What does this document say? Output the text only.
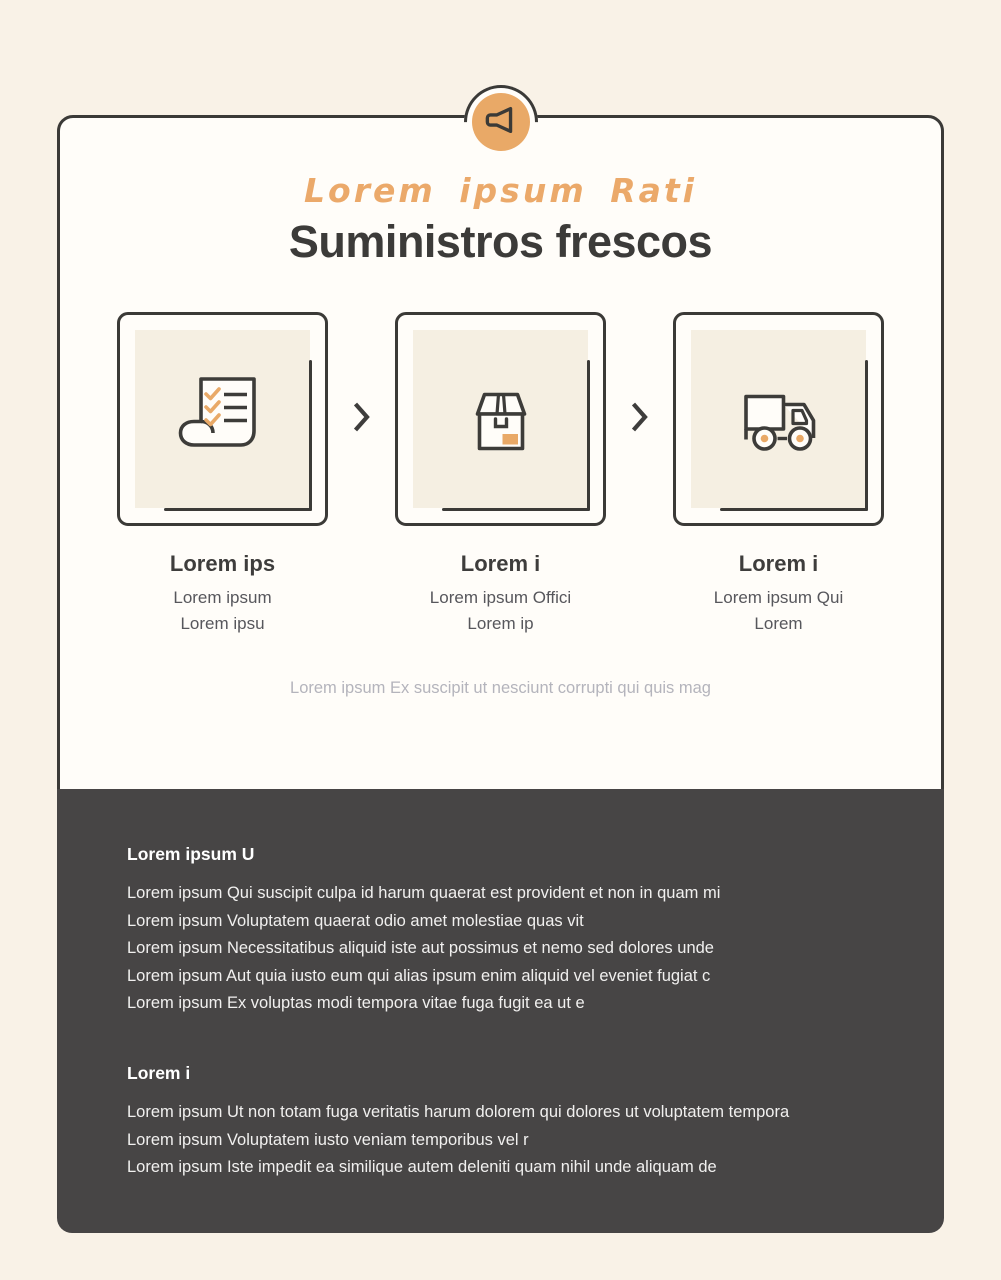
Lorem ipsum Rati
Suministros frescos
Lorem ips
Lorem ipsum
Lorem ipsu
Lorem i
Lorem ipsum Offici
Lorem ip
Lorem i
Lorem ipsum Qui
Lorem
Lorem ipsum Ex suscipit ut nesciunt corrupti qui quis mag
Lorem ipsum U
Lorem ipsum Qui suscipit culpa id harum quaerat est provident et non in quam mi
Lorem ipsum Voluptatem quaerat odio amet molestiae quas vit
Lorem ipsum Necessitatibus aliquid iste aut possimus et nemo sed dolores unde
Lorem ipsum Aut quia iusto eum qui alias ipsum enim aliquid vel eveniet fugiat c
Lorem ipsum Ex voluptas modi tempora vitae fuga fugit ea ut e
Lorem i
Lorem ipsum Ut non totam fuga veritatis harum dolorem qui dolores ut voluptatem tempora
Lorem ipsum Voluptatem iusto veniam temporibus vel r
Lorem ipsum Iste impedit ea similique autem deleniti quam nihil unde aliquam de
